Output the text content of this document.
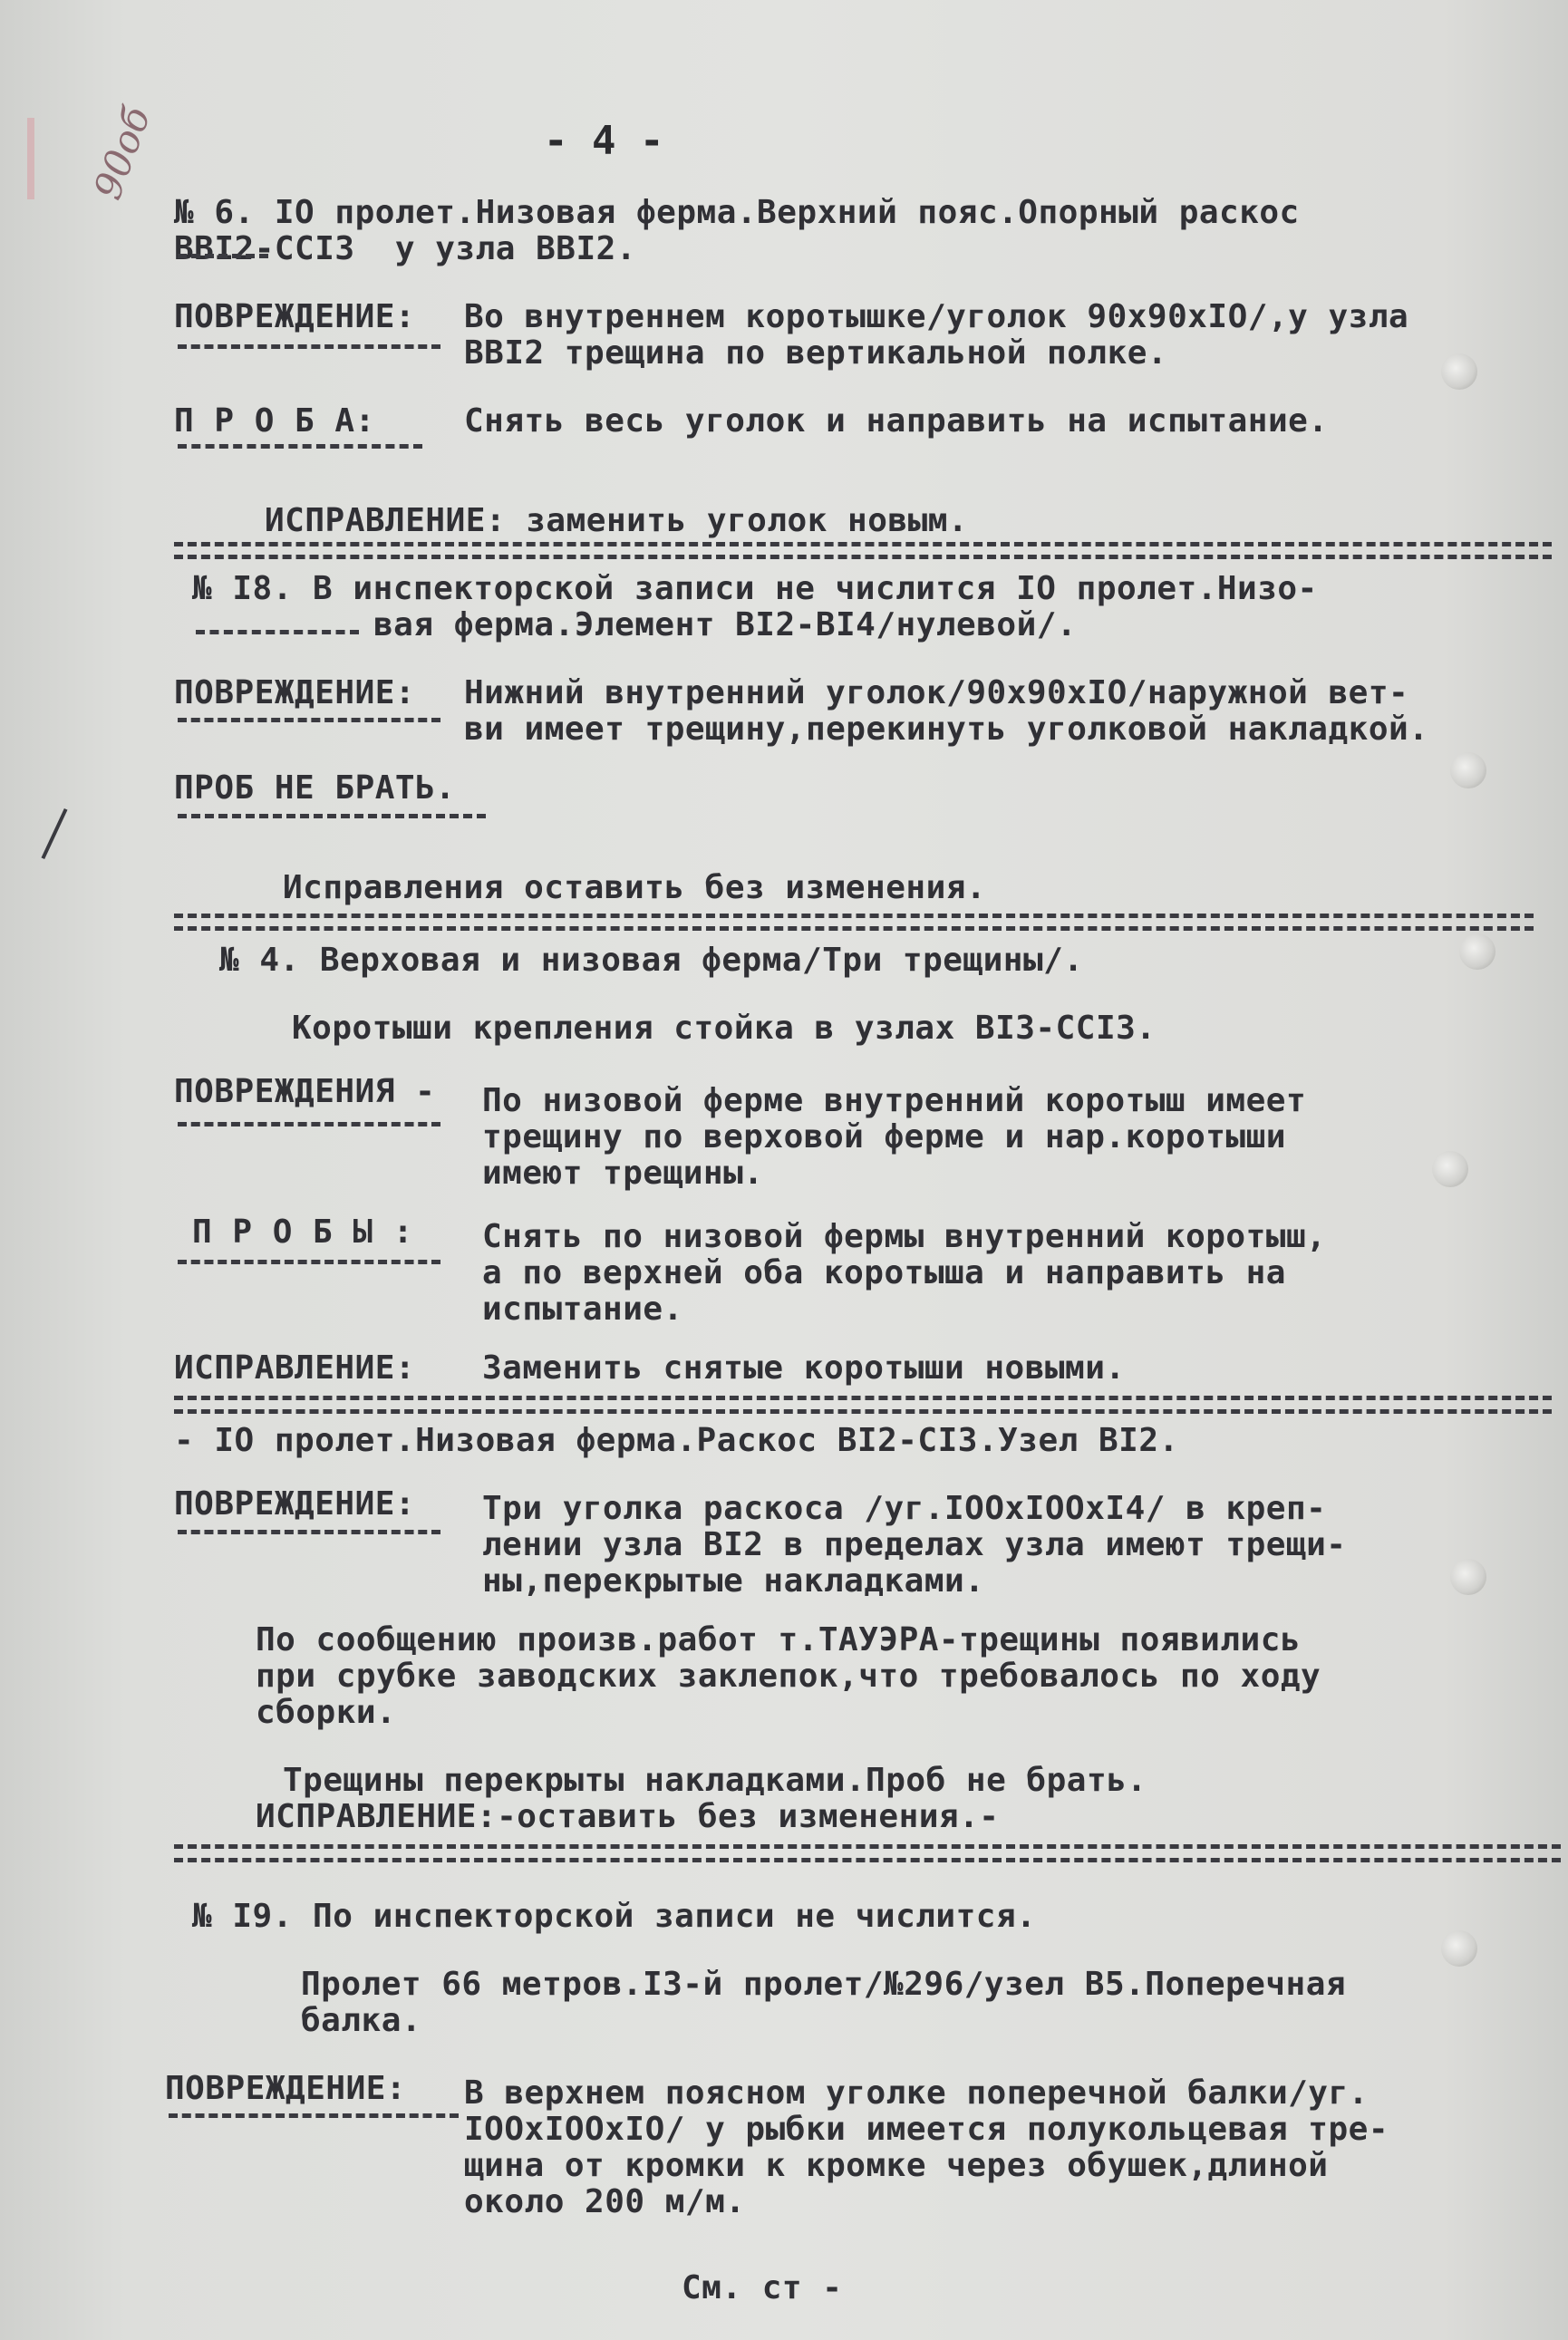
90об	- 4 -
№ 6. IO пролет.Низовая ферма.Верхний пояс.Опорный раскос
ВВI2-ССI3  у узла ВВI2.
ПОВРЕЖДЕНИЕ: Во внутреннем коротышке/уголок 90х90хIO/,у узла
ВВI2 трещина по вертикальной полке.
П Р О Б А:	Снять весь уголок и направить на испытание.
ИСПРАВЛЕНИЕ: заменить уголок новым.
№ I8. В инспекторской записи не числится IO пролет.Низо-
вая ферма.Элемент ВI2-ВI4/нулевой/.
ПОВРЕЖДЕНИЕ: Нижний внутренний уголок/90х90хIO/наружной вет-
ви имеет трещину,перекинуть уголковой накладкой.
ПРОБ НЕ БРАТЬ.
Исправления оставить без изменения.
№ 4. Верховая и низовая ферма/Три трещины/.
Коротыши крепления стойка в узлах ВI3-ССI3.
ПОВРЕЖДЕНИЯ - По низовой ферме внутренний коротыш имеет
трещину по верховой ферме и нар.коротыши
имеют трещины.
П Р О Б Ы : Снять по низовой фермы внутренний коротыш,
а по верхней оба коротыша и направить на
испытание.
ИСПРАВЛЕНИЕ: Заменить снятые коротыши новыми.
- IO пролет.Низовая ферма.Раскос ВI2-СI3.Узел ВI2.
ПОВРЕЖДЕНИЕ: Три уголка раскоса /уг.IOOхIOOхI4/ в креп-
лении узла ВI2 в пределах узла имеют трещи-
ны,перекрытые накладками.
По сообщению произв.работ т.ТАУЭРА-трещины появились
при срубке заводских заклепок,что требовалось по ходу
сборки.
Трещины перекрыты накладками.Проб не брать.
ИСПРАВЛЕНИЕ:-оставить без изменения.-
№ I9. По инспекторской записи не числится.
Пролет 66 метров.I3-й пролет/№296/узел В5.Поперечная
балка.
ПОВРЕЖДЕНИЕ: В верхнем поясном уголке поперечной балки/уг.
IOOхIOOхIO/ у рыбки имеется полукольцевая тре-
щина от кромки к кромке через обушек,длиной
около 200 м/м.
См. ст -
